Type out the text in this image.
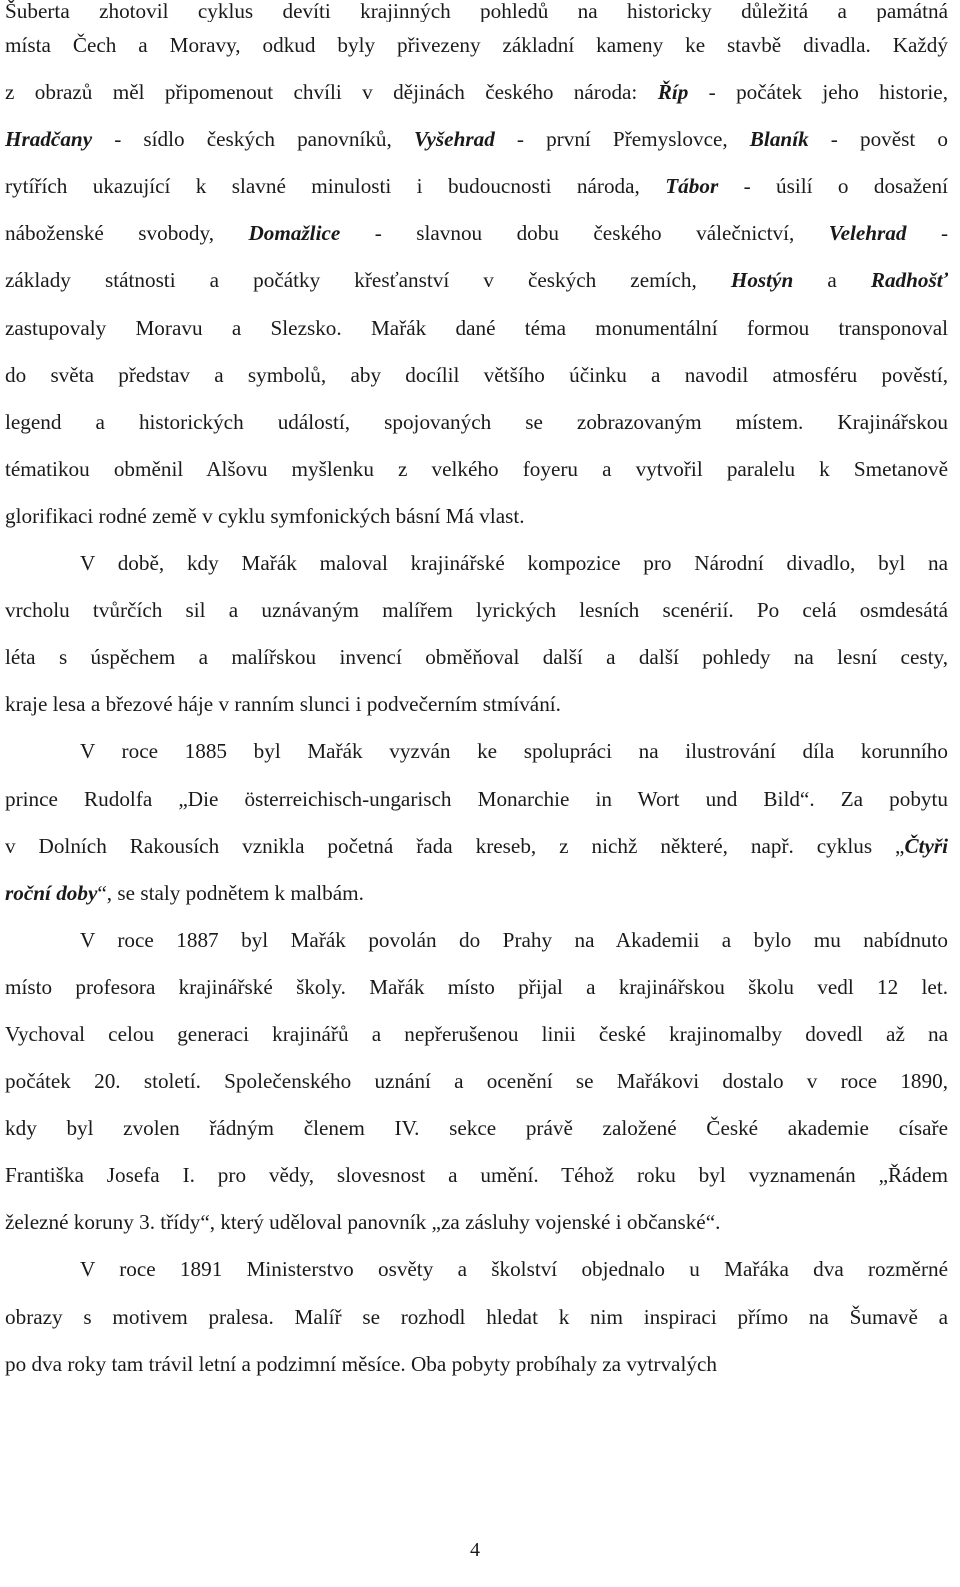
Šuberta zhotovil cyklus devíti krajinných pohledů na historicky důležitá a památná
místa Čech a Moravy, odkud byly přivezeny základní kameny ke stavbě divadla. Každý
z obrazů měl připomenout chvíli v dějinách českého národa: Říp - počátek jeho historie,
Hradčany - sídlo českých panovníků, Vyšehrad - první Přemyslovce, Blaník - pověst o
rytířích ukazující k slavné minulosti i budoucnosti národa, Tábor - úsilí o dosažení
náboženské svobody, Domažlice - slavnou dobu českého válečnictví, Velehrad -
základy státnosti a počátky křesťanství v českých zemích, Hostýn a Radhošť
zastupovaly Moravu a Slezsko. Mařák dané téma monumentální formou transponoval
do světa představ a symbolů, aby docílil většího účinku a navodil atmosféru pověstí,
legend a historických událostí, spojovaných se zobrazovaným místem. Krajinářskou
tématikou obměnil Alšovu myšlenku z velkého foyeru a vytvořil paralelu k Smetanově
glorifikaci rodné země v cyklu symfonických básní Má vlast.
V době, kdy Mařák maloval krajinářské kompozice pro Národní divadlo, byl na
vrcholu tvůrčích sil a uznávaným malířem lyrických lesních scenérií. Po celá osmdesátá
léta s úspěchem a malířskou invencí obměňoval další a další pohledy na lesní cesty,
kraje lesa a březové háje v ranním slunci i podvečerním stmívání.
V roce 1885 byl Mařák vyzván ke spolupráci na ilustrování díla korunního
prince Rudolfa „Die österreichisch-ungarisch Monarchie in Wort und Bild“. Za pobytu
v Dolních Rakousích vznikla početná řada kreseb, z nichž některé, např. cyklus „Čtyři
roční doby“, se staly podnětem k malbám.
V roce 1887 byl Mařák povolán do Prahy na Akademii a bylo mu nabídnuto
místo profesora krajinářské školy. Mařák místo přijal a krajinářskou školu vedl 12 let.
Vychoval celou generaci krajinářů a nepřerušenou linii české krajinomalby dovedl až na
počátek 20. století. Společenského uznání a ocenění se Mařákovi dostalo v roce 1890,
kdy byl zvolen řádným členem IV. sekce právě založené České akademie císaře
Františka Josefa I. pro vědy, slovesnost a umění. Téhož roku byl vyznamenán „Řádem
železné koruny 3. třídy“, který uděloval panovník „za zásluhy vojenské i občanské“.
V roce 1891 Ministerstvo osvěty a školství objednalo u Mařáka dva rozměrné
obrazy s motivem pralesa. Malíř se rozhodl hledat k nim inspiraci přímo na Šumavě a
po dva roky tam trávil letní a podzimní měsíce. Oba pobyty probíhaly za vytrvalých
4
